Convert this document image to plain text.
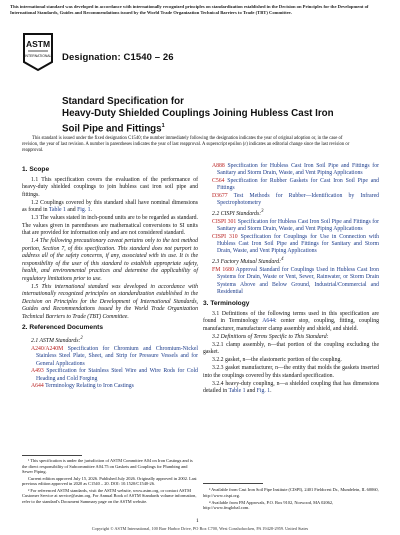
This international standard was developed in accordance with internationally recognized principles on standardization established in the Decision on Principles for the Development of International Standards, Guides and Recommendations issued by the World Trade Organization Technical Barriers to Trade (TBT) Committee.
ASTM
INTERNATIONAL Designation: C1540 – 26
Standard Specification for
Heavy-Duty Shielded Couplings Joining Hubless Cast Iron
Soil Pipe and Fittings$^1$
This standard is issued under the fixed designation C1540; the number immediately following the designation indicates the year of original adoption or, in the case of revision, the year of last revision. A number in parentheses indicates the year of last reapproval. A superscript epsilon (ε) indicates an editorial change since the last revision or reapproval.
1. Scope

1.1 This specification covers the evaluation of the performance of heavy-duty shielded couplings to join hubless cast iron soil pipe and fittings.

1.2 Couplings covered by this standard shall have nominal dimensions as found in Table 1 and Fig. 1.

1.3 The values stated in inch-pound units are to be regarded as standard. The values given in parentheses are mathematical conversions to SI units that are provided for information only and are not considered standard.

1.4 The following precautionary caveat pertains only to the test method portion, Section 7, of this specification. This standard does not purport to address all of the safety concerns, if any, associated with its use. It is the responsibility of the user of this standard to establish appropriate safety, health, and environmental practices and determine the applicability of regulatory limitations prior to use.

1.5 This international standard was developed in accordance with internationally recognized principles on standardization established in the Decision on Principles for the Development of International Standards, Guides and Recommendations issued by the World Trade Organization Technical Barriers to Trade (TBT) Committee.

2. Referenced Documents

2.1 ASTM Standards:$^2$

A240/A240M Specification for Chromium and Chromium-Nickel Stainless Steel Plate, Sheet, and Strip for Pressure Vessels and for General Applications

A493 Specification for Stainless Steel Wire and Wire Rods for Cold Heading and Cold Forging

A644 Terminology Relating to Iron Castings

A888 Specification for Hubless Cast Iron Soil Pipe and Fittings for Sanitary and Storm Drain, Waste, and Vent Piping Applications

C564 Specification for Rubber Gaskets for Cast Iron Soil Pipe and Fittings

D3677 Test Methods for Rubber—Identification by Infrared Spectrophotometry

2.2 CISPI Standards:$^3$

CISPI 301 Specification for Hubless Cast Iron Soil Pipe and Fittings for Sanitary and Storm Drain, Waste, and Vent Piping Applications

CISPI 310 Specification for Couplings for Use in Connection with Hubless Cast Iron Soil Pipe and Fittings for Sanitary and Storm Drain, Waste, and Vent Piping Applications

2.3 Factory Mutual Standard:$^4$

FM 1680 Approval Standard for Couplings Used in Hubless Cast Iron Systems for Drain, Waste or Vent, Sewer, Rainwater, or Storm Drain Systems Above and Below Ground, Industrial/Commercial and Residential

3. Terminology

3.1 Definitions of the following terms used in this specification are found in Terminology A644: center stop, coupling, fitting, coupling manufacturer, manufacturer clamp assembly and shield, and shield.

3.2 Definitions of Terms Specific to This Standard:

3.2.1 clamp assembly, n—that portion of the coupling excluding the gasket.

3.2.2 gasket, n—the elastomeric portion of the coupling.

3.2.3 gasket manufacturer, n—the entity that molds the gaskets inserted into the couplings covered by this standard specification.

3.2.4 heavy-duty coupling, n—a shielded coupling that has dimensions detailed in Table 1 and Fig. 1.

¹ This specification is under the jurisdiction of ASTM Committee A04 on Iron Castings and is the direct responsibility of Subcommittee A04.75 on Gaskets and Couplings for Plumbing and Sewer Piping.

Current edition approved July 15, 2026. Published July 2026. Originally approved in 2002. Last previous edition approved in 2020 as C1540 – 20. DOI: 10.1520/C1540-26.

² For referenced ASTM standards, visit the ASTM website, www.astm.org, or contact ASTM Customer Service at service@astm.org. For Annual Book of ASTM Standards volume information, refer to the standard's Document Summary page on the ASTM website.

³ Available from Cast Iron Soil Pipe Institute (CISPI), 2401 Fieldcrest Dr., Mundelein, IL 60060, http://www.cispi.org.

⁴ Available from FM Approvals, P.O. Box 9102, Norwood, MA 02062, http://www.fmglobal.com.

1
Copyright © ASTM International, 100 Barr Harbor Drive, PO Box C700, West Conshohocken, PA 19428-2959. United States
